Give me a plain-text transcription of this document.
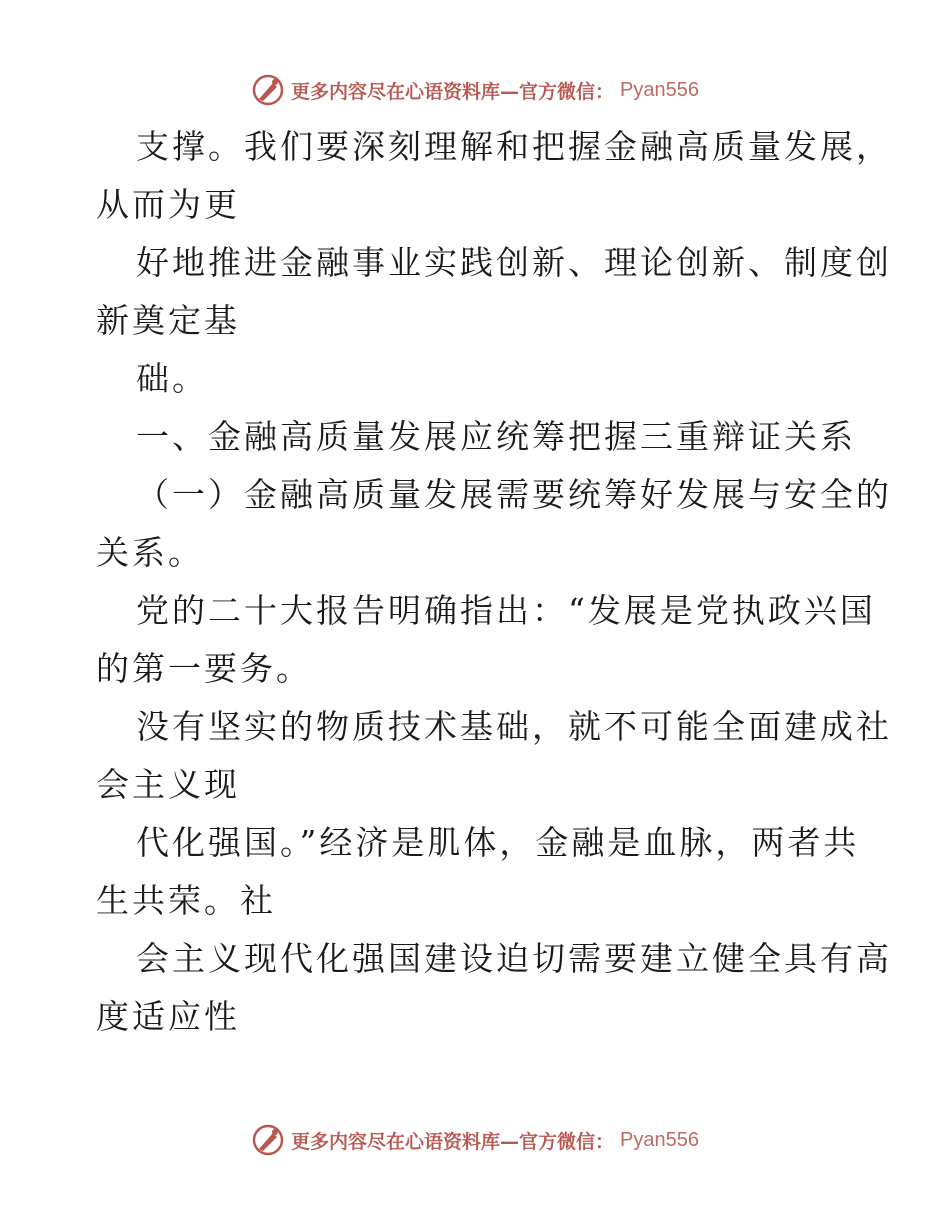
更多内容尽在心语资料库—官方微信： Pyan556
支撑。我们要深刻理解和把握金融高质量发展，
从而为更
好地推进金融事业实践创新、理论创新、制度创
新奠定基
础。
一、金融高质量发展应统筹把握三重辩证关系
（一）金融高质量发展需要统筹好发展与安全的
关系。
党的二十大报告明确指出：“发展是党执政兴国
的第一要务。
没有坚实的物质技术基础，就不可能全面建成社
会主义现
代化强国。”经济是肌体，金融是血脉，两者共
生共荣。社
会主义现代化强国建设迫切需要建立健全具有高
度适应性
更多内容尽在心语资料库—官方微信： Pyan556
